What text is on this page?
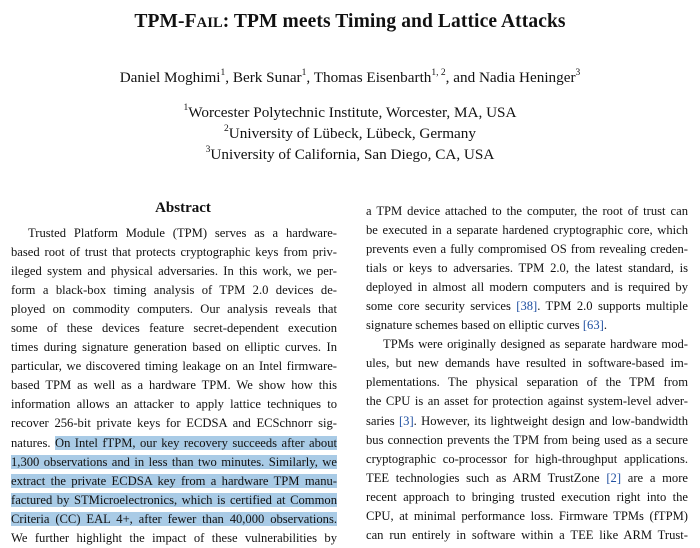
TPM-FAIL: TPM meets Timing and Lattice Attacks
Daniel Moghimi$^1$, Berk Sunar$^1$, Thomas Eisenbarth$^{1, 2}$, and Nadia Heninger$^3$
$^1$Worcester Polytechnic Institute, Worcester, MA, USA
$^2$University of Lübeck, Lübeck, Germany
$^3$University of California, San Diego, CA, USA
Abstract
Trusted Platform Module (TPM) serves as a hardware-
based root of trust that protects cryptographic keys from priv-
ileged system and physical adversaries. In this work, we per-
form a black-box timing analysis of TPM 2.0 devices de-
ployed on commodity computers. Our analysis reveals that
some of these devices feature secret-dependent execution
times during signature generation based on elliptic curves. In
particular, we discovered timing leakage on an Intel firmware-
based TPM as well as a hardware TPM. We show how this
information allows an attacker to apply lattice techniques to
recover 256-bit private keys for ECDSA and ECSchnorr sig-
natures. On Intel fTPM, our key recovery succeeds after about
1,300 observations and in less than two minutes. Similarly, we
extract the private ECDSA key from a hardware TPM manu-
factured by STMicroelectronics, which is certified at Common
Criteria (CC) EAL 4+, after fewer than 40,000 observations.
We further highlight the impact of these vulnerabilities by
a TPM device attached to the computer, the root of trust can
be executed in a separate hardened cryptographic core, which
prevents even a fully compromised OS from revealing creden-
tials or keys to adversaries. TPM 2.0, the latest standard, is
deployed in almost all modern computers and is required by
some core security services [38]. TPM 2.0 supports multiple
signature schemes based on elliptic curves [63].
TPMs were originally designed as separate hardware mod-
ules, but new demands have resulted in software-based im-
plementations. The physical separation of the TPM from
the CPU is an asset for protection against system-level adver-
saries [3]. However, its lightweight design and low-bandwidth
bus connection prevents the TPM from being used as a secure
cryptographic co-processor for high-throughput applications.
TEE technologies such as ARM TrustZone [2] are a more
recent approach to bringing trusted execution right into the
CPU, at minimal performance loss. Firmware TPMs (fTPM)
can run entirely in software within a TEE like ARM Trust-
